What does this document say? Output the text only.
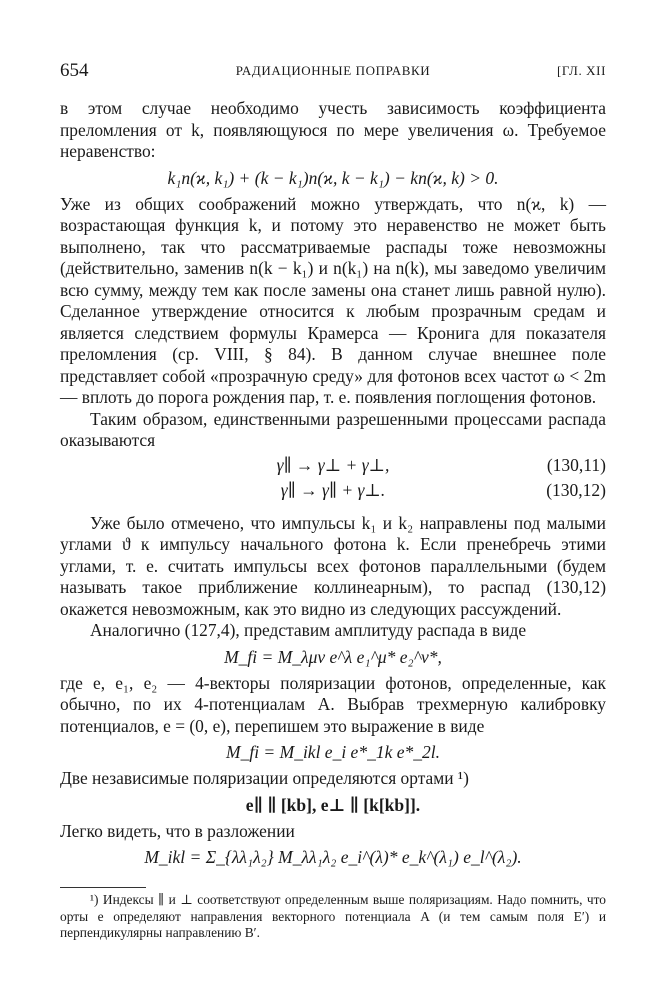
654	РАДИАЦИОННЫЕ ПОПРАВКИ	[ГЛ. XII

в этом случае необходимо учесть зависимость коэффициента преломления от k, появляющуюся по мере увеличения ω. Требуемое неравенство:

k₁n(ϰ, k₁) + (k − k₁)n(ϰ, k − k₁) − kn(ϰ, k) > 0.

Уже из общих соображений можно утверждать, что n(ϰ, k) — возрастающая функция k, и потому это неравенство не может быть выполнено, так что рассматриваемые распады тоже невозможны (действительно, заменив n(k − k₁) и n(k₁) на n(k), мы заведомо увеличим всю сумму, между тем как после замены она станет лишь равной нулю). Сделанное утверждение относится к любым прозрачным средам и является следствием формулы Крамерса — Кронига для показателя преломления (ср. VIII, § 84). В данном случае внешнее поле представляет собой «прозрачную среду» для фотонов всех частот ω < 2m — вплоть до порога рождения пар, т. е. появления поглощения фотонов.

Таким образом, единственными разрешенными процессами распада оказываются

γ∥ → γ⊥ + γ⊥,	(130,11)
γ∥ → γ∥ + γ⊥.	(130,12)

Уже было отмечено, что импульсы k₁ и k₂ направлены под малыми углами ϑ к импульсу начального фотона k. Если пренебречь этими углами, т. е. считать импульсы всех фотонов параллельными (будем называть такое приближение коллинеарным), то распад (130,12) окажется невозможным, как это видно из следующих рассуждений.

Аналогично (127,4), представим амплитуду распада в виде

M_fi = M_λμν e^λ e₁^μ* e₂^ν*,

где e, e₁, e₂ — 4-векторы поляризации фотонов, определенные, как обычно, по их 4-потенциалам A. Выбрав трехмерную калибровку потенциалов, e = (0, e), перепишем это выражение в виде

M_fi = M_ikl e_i e*_1k e*_2l.

Две независимые поляризации определяются ортами ¹)

e∥ ∥ [kb], e⊥ ∥ [k[kb]].

Легко видеть, что в разложении

M_ikl = Σ_{λλ₁λ₂} M_λλ₁λ₂ e_i^(λ)* e_k^(λ₁) e_l^(λ₂).

¹) Индексы ∥ и ⊥ соответствуют определенным выше поляризациям. Надо помнить, что орты e определяют направления векторного потенциала A (и тем самым поля E′) и перпендикулярны направлению B′.
